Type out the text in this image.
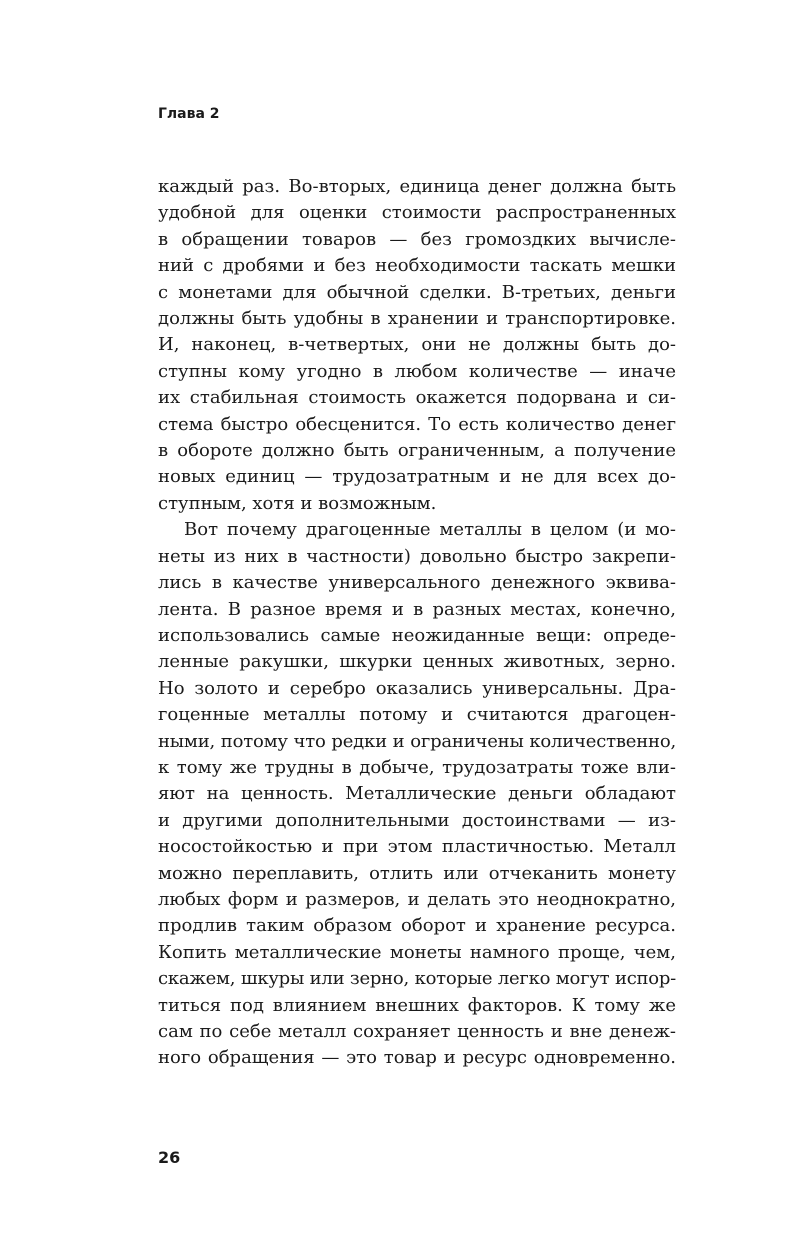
Глава 2
каждый раз. Во-вторых, единица денег должна быть
удобной для оценки стоимости распространенных
в обращении товаров — без громоздких вычисле-
ний с дробями и без необходимости таскать мешки
с монетами для обычной сделки. В-третьих, деньги
должны быть удобны в хранении и транспортировке.
И, наконец, в-четвертых, они не должны быть до-
ступны кому угодно в любом количестве — иначе
их стабильная стоимость окажется подорвана и си-
стема быстро обесценится. То есть количество денег
в обороте должно быть ограниченным, а получение
новых единиц — трудозатратным и не для всех до-
ступным, хотя и возможным.
Вот почему драгоценные металлы в целом (и мо-
неты из них в частности) довольно быстро закрепи-
лись в качестве универсального денежного эквива-
лента. В разное время и в разных местах, конечно,
использовались самые неожиданные вещи: опреде-
ленные ракушки, шкурки ценных животных, зерно.
Но золото и серебро оказались универсальны. Дра-
гоценные металлы потому и считаются драгоцен-
ными, потому что редки и ограничены количественно,
к тому же трудны в добыче, трудозатраты тоже вли-
яют на ценность. Металлические деньги обладают
и другими дополнительными достоинствами — из-
носостойкостью и при этом пластичностью. Металл
можно переплавить, отлить или отчеканить монету
любых форм и размеров, и делать это неоднократно,
продлив таким образом оборот и хранение ресурса.
Копить металлические монеты намного проще, чем,
скажем, шкуры или зерно, которые легко могут испор-
титься под влиянием внешних факторов. К тому же
сам по себе металл сохраняет ценность и вне денеж-
ного обращения — это товар и ресурс одновременно.
26
